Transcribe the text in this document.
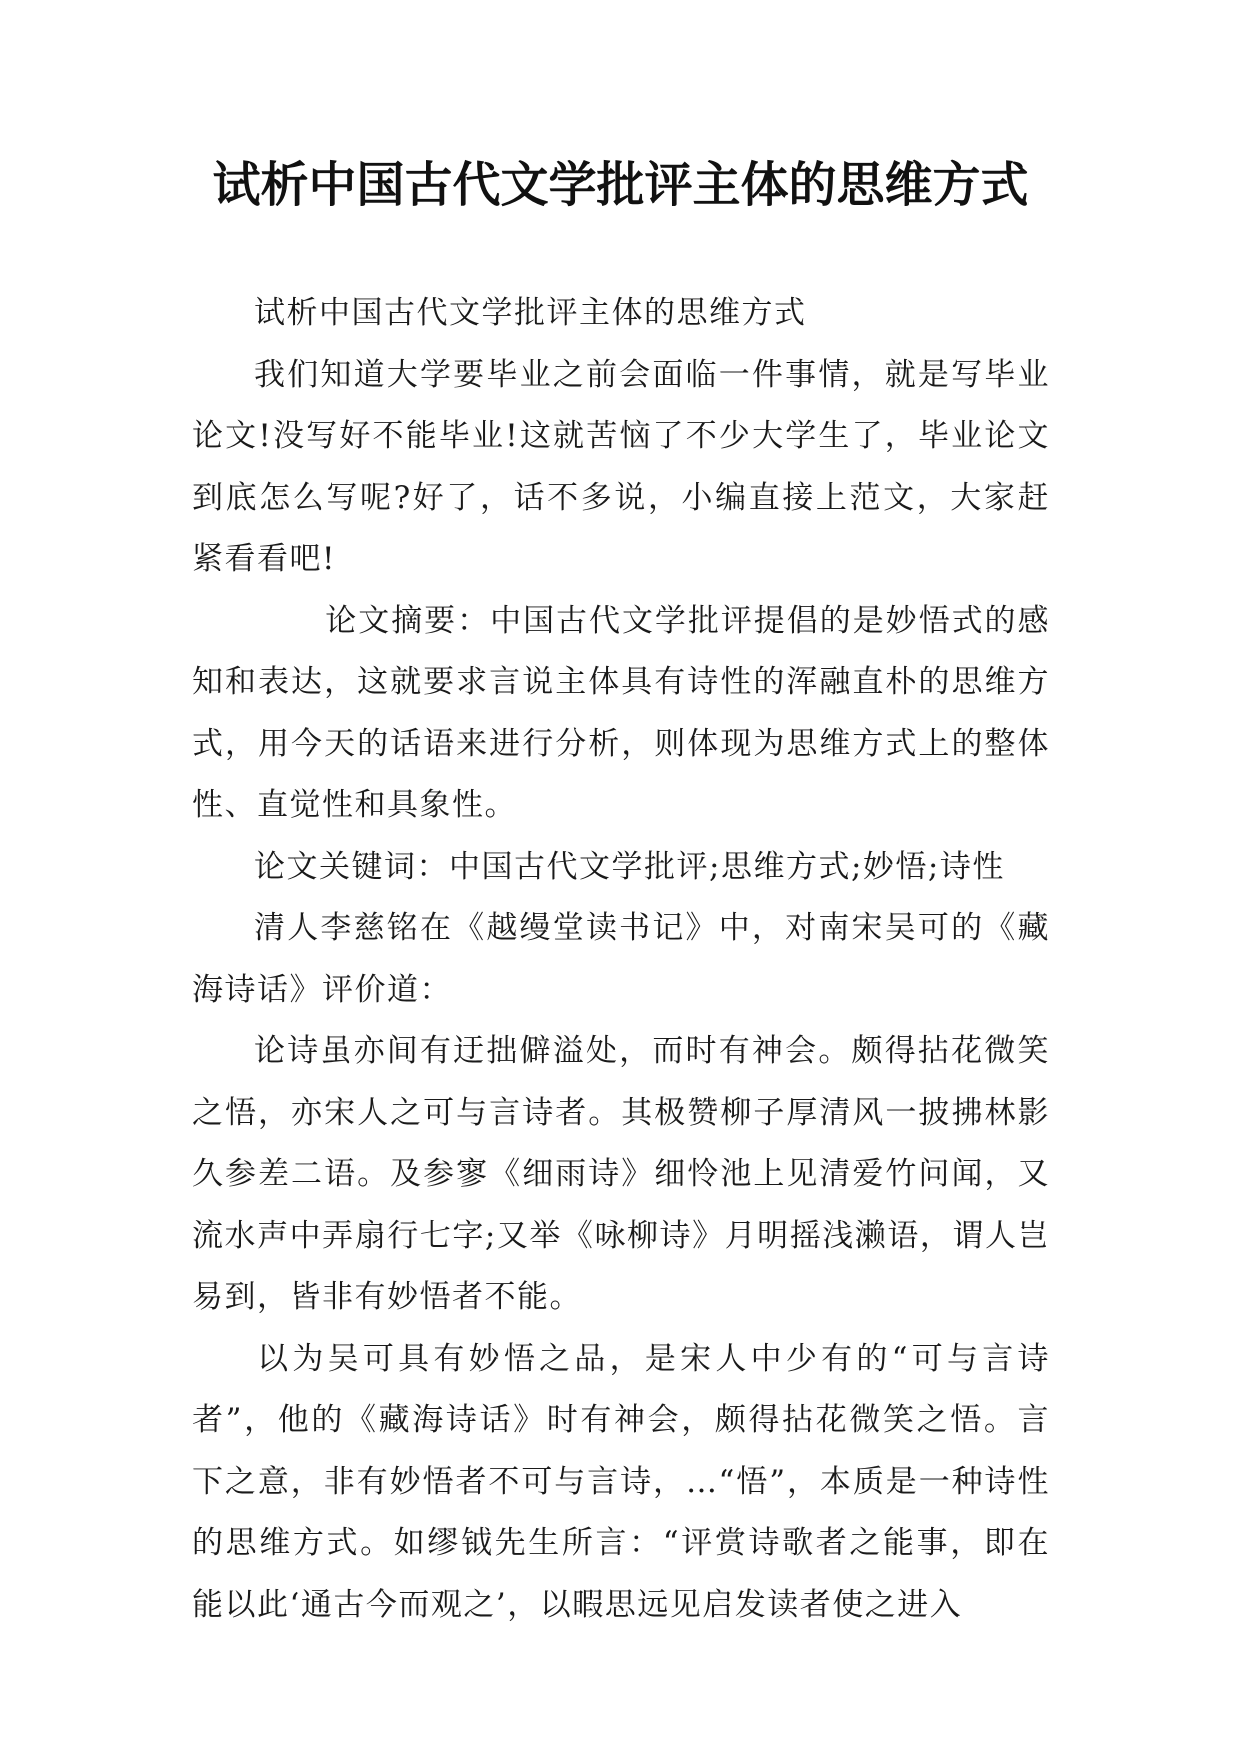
试析中国古代文学批评主体的思维方式

试析中国古代文学批评主体的思维方式

我们知道大学要毕业之前会面临一件事情，就是写毕业论文!没写好不能毕业!这就苦恼了不少大学生了，毕业论文到底怎么写呢?好了，话不多说，小编直接上范文，大家赶紧看看吧!

论文摘要：中国古代文学批评提倡的是妙悟式的感知和表达，这就要求言说主体具有诗性的浑融直朴的思维方式，用今天的话语来进行分析，则体现为思维方式上的整体性、直觉性和具象性。

论文关键词：中国古代文学批评;思维方式;妙悟;诗性

清人李慈铭在《越缦堂读书记》中，对南宋吴可的《藏海诗话》评价道：

论诗虽亦间有迂拙僻溢处，而时有神会。颇得拈花微笑之悟，亦宋人之可与言诗者。其极赞柳子厚清风一披拂林影久参差二语。及参寥《细雨诗》细怜池上见清爱竹问闻，又流水声中弄扇行七字;又举《咏柳诗》月明摇浅濑语，谓人岂易到，皆非有妙悟者不能。

以为吴可具有妙悟之品，是宋人中少有的“可与言诗者”，他的《藏海诗话》时有神会，颇得拈花微笑之悟。言下之意，非有妙悟者不可与言诗，…“悟”，本质是一种诗性的思维方式。如缪钺先生所言：“评赏诗歌者之能事，即在能以此‘通古今而观之’，以暇思远见启发读者使之进入
